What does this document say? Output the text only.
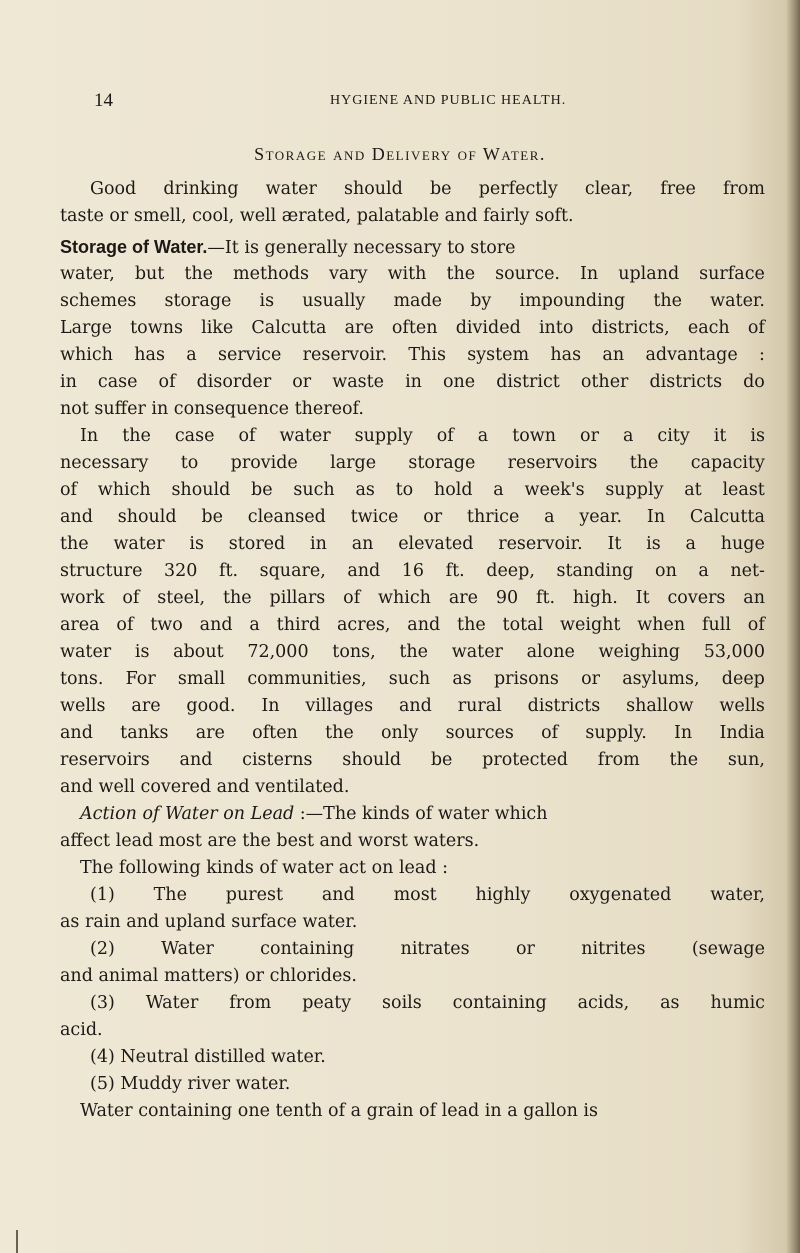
14	HYGIENE AND PUBLIC HEALTH.
Storage and Delivery of Water.
Good drinking water should be perfectly clear, free from
taste or smell, cool, well ærated, palatable and fairly soft.
Storage of Water.—It is generally necessary to store
water, but the methods vary with the source. In upland surface
schemes storage is usually made by impounding the water.
Large towns like Calcutta are often divided into districts, each of
which has a service reservoir. This system has an advantage :
in case of disorder or waste in one district other districts do
not suffer in consequence thereof.
In the case of water supply of a town or a city it is
necessary to provide large storage reservoirs the capacity
of which should be such as to hold a week's supply at least
and should be cleansed twice or thrice a year. In Calcutta
the water is stored in an elevated reservoir. It is a huge
structure 320 ft. square, and 16 ft. deep, standing on a net-
work of steel, the pillars of which are 90 ft. high. It covers an
area of two and a third acres, and the total weight when full of
water is about 72,000 tons, the water alone weighing 53,000
tons. For small communities, such as prisons or asylums, deep
wells are good. In villages and rural districts shallow wells
and tanks are often the only sources of supply. In India
reservoirs and cisterns should be protected from the sun,
and well covered and ventilated.
Action of Water on Lead :—The kinds of water which
affect lead most are the best and worst waters.
The following kinds of water act on lead :
(1) The purest and most highly oxygenated water,
as rain and upland surface water.
(2)	Water	containing	nitrates	or	nitrites	(sewage
and animal matters) or chlorides.
(3) Water from peaty soils containing acids, as humic
acid.
(4) Neutral distilled water.
(5) Muddy river water.
Water containing one tenth of a grain of lead in a gallon is
